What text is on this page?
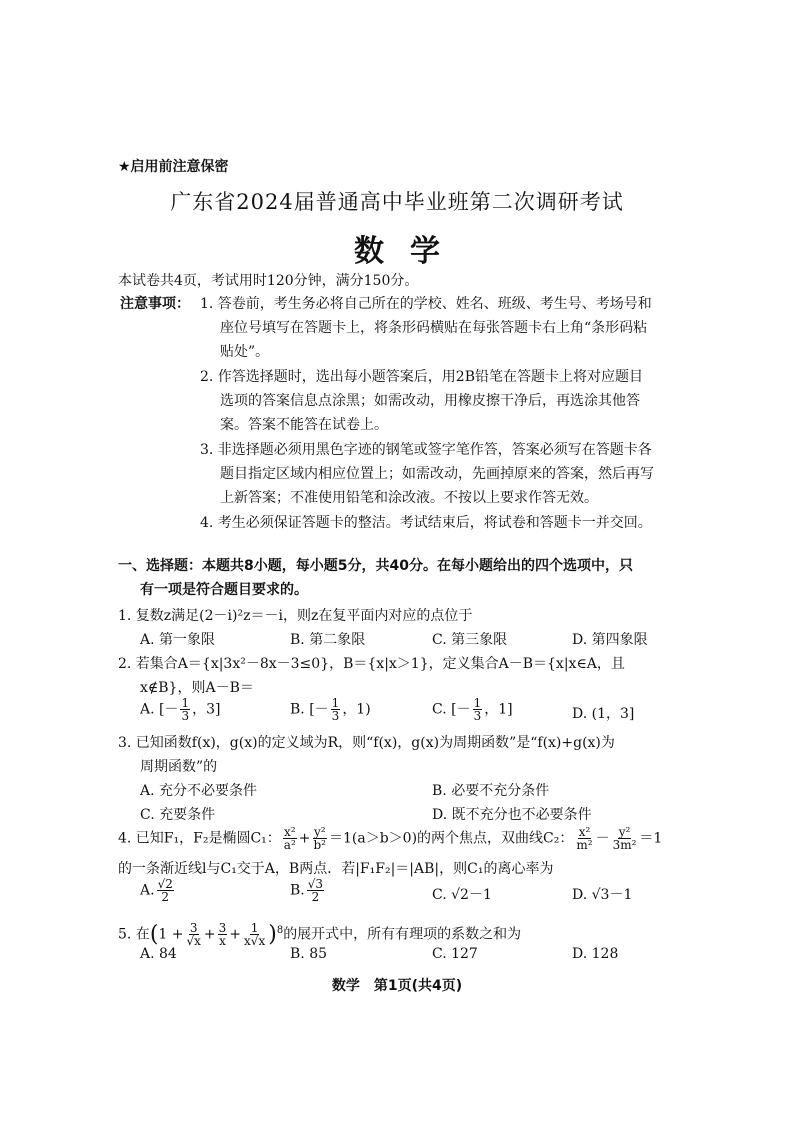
★启用前注意保密
广东省2024届普通高中毕业班第二次调研考试
数学
本试卷共4页，考试用时120分钟，满分150分。
注意事项： 1. 答卷前，考生务必将自己所在的学校、姓名、班级、考生号、考场号和
座位号填写在答题卡上，将条形码横贴在每张答题卡右上角“条形码粘
贴处”。
2. 作答选择题时，选出每小题答案后，用2B铅笔在答题卡上将对应题目
选项的答案信息点涂黑；如需改动，用橡皮擦干净后，再选涂其他答
案。答案不能答在试卷上。
3. 非选择题必须用黑色字迹的钢笔或签字笔作答，答案必须写在答题卡各
题目指定区域内相应位置上；如需改动，先画掉原来的答案，然后再写
上新答案；不准使用铅笔和涂改液。不按以上要求作答无效。
4. 考生必须保证答题卡的整洁。考试结束后，将试卷和答题卡一并交回。
一、选择题：本题共8小题，每小题5分，共40分。在每小题给出的四个选项中，只
有一项是符合题目要求的。
1. 复数z满足(2－i)²z＝－i，则z在复平面内对应的点位于
A. 第一象限	B. 第二象限	C. 第三象限	D. 第四象限
2. 若集合A＝{x|3x²－8x－3≤0}，B＝{x|x＞1}，定义集合A－B＝{x|x∈A，且
x∉B}，则A－B＝
A. [－ $\frac{1}{3}$ ，3]	B. [－ $\frac{1}{3}$ ，1)	C. [－ $\frac{1}{3}$ ，1]	D. (1，3]
3. 已知函数f(x)，g(x)的定义域为R，则“f(x)，g(x)为周期函数”是“f(x)+g(x)为
周期函数”的
A. 充分不必要条件	B. 必要不充分条件
C. 充要条件	D. 既不充分也不必要条件
4. 已知F₁，F₂是椭圆C₁： $\frac{\text{x²}}{\text{a²}} + \frac{\text{y²}}{\text{b²}} =1(a>b>0)$的两个焦点，双曲线C₂： $\frac{\text{x²}}{\text{m²}} - \frac{\text{y²}}{\text{3m²}} =1$
的一条渐近线l与C₁交于A，B两点．若|F₁F₂|＝|AB|，则C₁的离心率为
A. $\frac{√2}{2}$	B. $\frac{√3}{2}$	C. √2－1	D. √3－1
5. 在$(1 + \frac{3}{√x} + \frac{3}{x} + \frac{1}{x√x} )^8$的展开式中，所有有理项的系数之和为
A. 84	B. 85	C. 127	D. 128
数学　第1页(共4页)
